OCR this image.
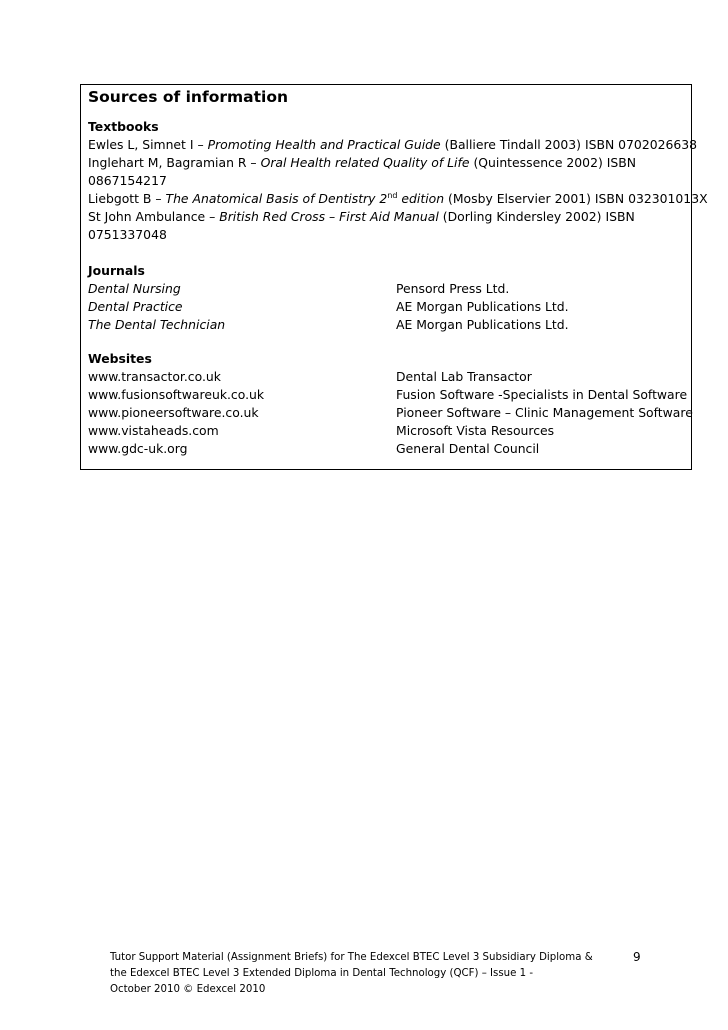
Sources of information
Textbooks
Ewles L, Simnet I – Promoting Health and Practical Guide (Balliere Tindall 2003) ISBN 0702026638
Inglehart M, Bagramian R – Oral Health related Quality of Life (Quintessence 2002) ISBN
0867154217
Liebgott B – The Anatomical Basis of Dentistry 2nd edition (Mosby Elservier 2001) ISBN 032301013X
St John Ambulance – British Red Cross – First Aid Manual (Dorling Kindersley 2002) ISBN
0751337048
Journals
Dental Nursing	Pensord Press Ltd.
Dental Practice	AE Morgan Publications Ltd.
The Dental Technician	AE Morgan Publications Ltd.
Websites
www.transactor.co.uk	Dental Lab Transactor
www.fusionsoftwareuk.co.uk	Fusion Software -Specialists in Dental Software
www.pioneersoftware.co.uk	Pioneer Software – Clinic Management Software
www.vistaheads.com	Microsoft Vista Resources
www.gdc-uk.org	General Dental Council
Tutor Support Material (Assignment Briefs) for The Edexcel BTEC Level 3 Subsidiary Diploma &
the Edexcel BTEC Level 3 Extended Diploma in Dental Technology (QCF) – Issue 1 -
October 2010 © Edexcel 2010
9
